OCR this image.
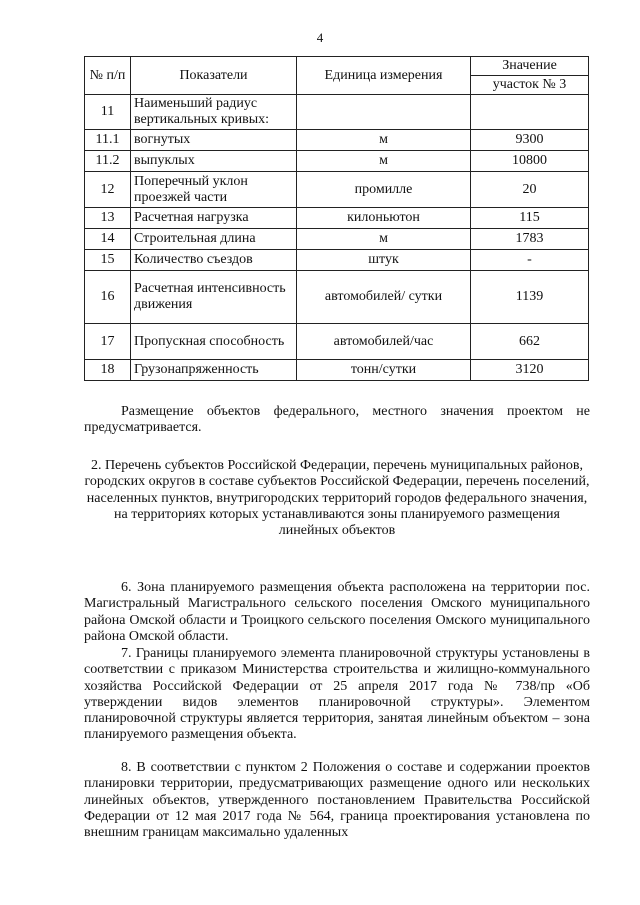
4
№ п/п	Показатели	Единица измерения	Значение
			участок № 3
11	Наименьший радиус вертикальных кривых:		
11.1	вогнутых	м	9300
11.2	выпуклых	м	10800
12	Поперечный уклон проезжей части	промилле	20
13	Расчетная нагрузка	килоньютон	115
14	Строительная длина	м	1783
15	Количество съездов	штук	-
16	Расчетная интенсивность движения	автомобилей/ сутки	1139
17	Пропускная способность	автомобилей/час	662
18	Грузонапряженность	тонн/сутки	3120

Размещение объектов федерального, местного значения проектом не предусматривается.

2. Перечень субъектов Российской Федерации, перечень муниципальных районов, городских округов в составе субъектов Российской Федерации, перечень поселений, населенных пунктов, внутригородских территорий городов федерального значения, на территориях которых устанавливаются зоны планируемого размещения линейных объектов

6. Зона планируемого размещения объекта расположена на территории пос. Магистральный Магистрального сельского поселения Омского муниципального района Омской области и Троицкого сельского поселения Омского муниципального района Омской области.

7. Границы планируемого элемента планировочной структуры установлены в соответствии с приказом Министерства строительства и жилищно-коммунального хозяйства Российской Федерации от 25 апреля 2017 года № 738/пр «Об утверждении видов элементов планировочной структуры». Элементом планировочной структуры является территория, занятая линейным объектом – зона планируемого размещения объекта.

8. В соответствии с пунктом 2 Положения о составе и содержании проектов планировки территории, предусматривающих размещение одного или нескольких линейных объектов, утвержденного постановлением Правительства Российской Федерации от 12 мая 2017 года № 564, граница проектирования установлена по внешним границам максимально удаленных
